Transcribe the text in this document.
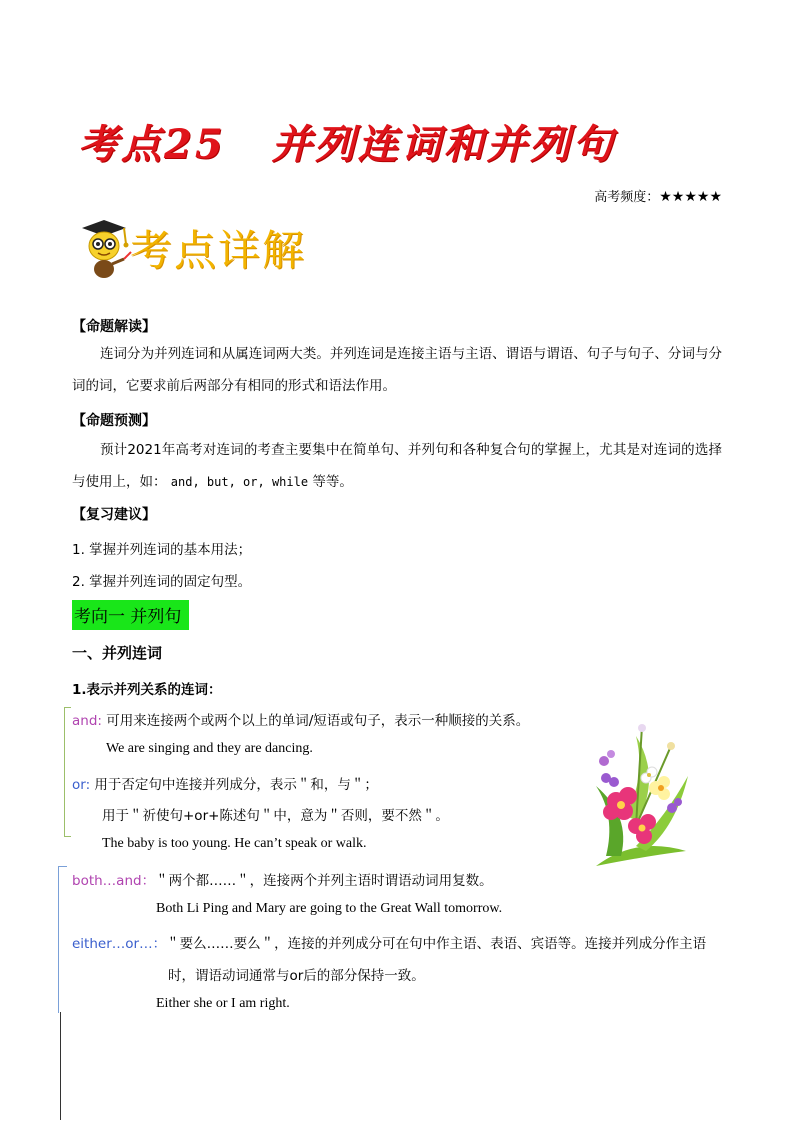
考点25 并列连词和并列句
高考频度：★★★★★
考点详解
【命题解读】
连词分为并列连词和从属连词两大类。并列连词是连接主语与主语、谓语与谓语、句子与句子、分词与分词的词，它要求前后两部分有相同的形式和语法作用。
【命题预测】
预计2021年高考对连词的考查主要集中在简单句、并列句和各种复合句的掌握上，尤其是对连词的选择与使用上，如： and, but, or, while 等等。
【复习建议】
1. 掌握并列连词的基本用法；
2. 掌握并列连词的固定句型。
考向一 并列句
一、并列连词
1.表示并列关系的连词：
and: 可用来连接两个或两个以上的单词/短语或句子，表示一种顺接的关系。
We are singing and they are dancing.
or: 用于否定句中连接并列成分，表示＂和，与＂；
用于＂祈使句+or+陈述句＂中，意为＂否则，要不然＂。
The baby is too young. He can’t speak or walk.
both…and：＂两个都……＂，连接两个并列主语时谓语动词用复数。
Both Li Ping and Mary are going to the Great Wall tomorrow.
either…or…：＂要么……要么＂，连接的并列成分可在句中作主语、表语、宾语等。连接并列成分作主语
时，谓语动词通常与or后的部分保持一致。
Either she or I am right.
